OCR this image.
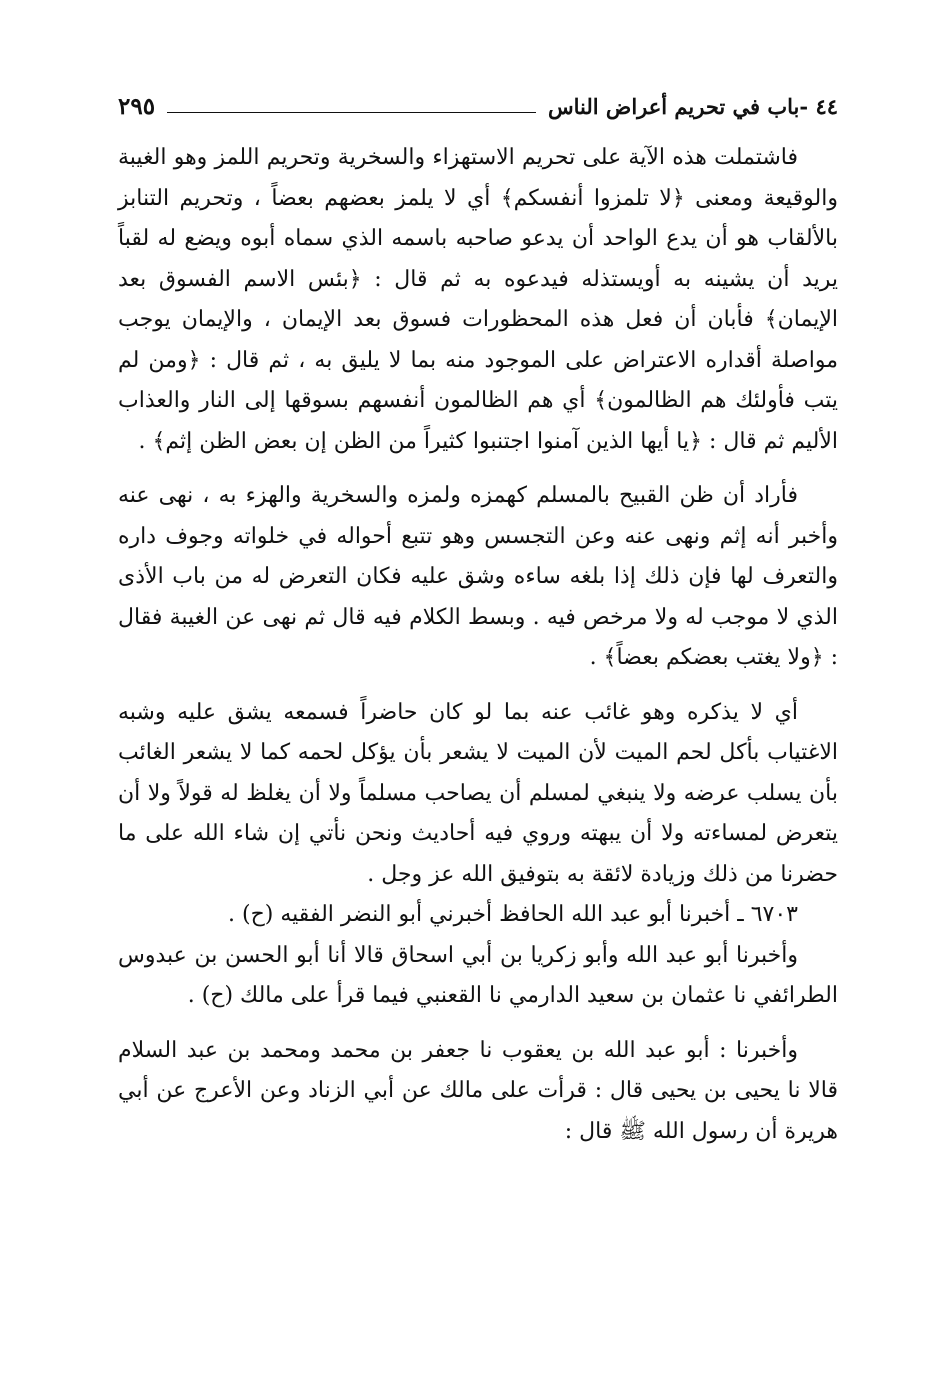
٤٤ -باب في تحريم أعراض الناس
٢٩٥

فاشتملت هذه الآية على تحريم الاستهزاء والسخرية وتحريم اللمز وهو الغيبة والوقيعة ومعنى ﴿لا تلمزوا أنفسكم﴾ أي لا يلمز بعضهم بعضاً ، وتحريم التنابز بالألقاب هو أن يدع الواحد أن يدعو صاحبه باسمه الذي سماه أبوه ويضع له لقباً يريد أن يشينه به أويستذله فيدعوه به ثم قال : ﴿بئس الاسم الفسوق بعد الإيمان﴾ فأبان أن فعل هذه المحظورات فسوق بعد الإيمان ، والإيمان يوجب مواصلة أقداره الاعتراض على الموجود منه بما لا يليق به ، ثم قال : ﴿ومن لم يتب فأولئك هم الظالمون﴾ أي هم الظالمون أنفسهم بسوقها إلى النار والعذاب الأليم ثم قال : ﴿يا أيها الذين آمنوا اجتنبوا كثيراً من الظن إن بعض الظن إثم﴾ .

فأراد أن ظن القبيح بالمسلم كهمزه ولمزه والسخرية والهزء به ، نهى عنه وأخبر أنه إثم ونهى عنه وعن التجسس وهو تتبع أحواله في خلواته وجوف داره والتعرف لها فإن ذلك إذا بلغه ساءه وشق عليه فكان التعرض له من باب الأذى الذي لا موجب له ولا مرخص فيه . وبسط الكلام فيه قال ثم نهى عن الغيبة فقال : ﴿ولا يغتب بعضكم بعضاً﴾ .

أي لا يذكره وهو غائب عنه بما لو كان حاضراً فسمعه يشق عليه وشبه الاغتياب بأكل لحم الميت لأن الميت لا يشعر بأن يؤكل لحمه كما لا يشعر الغائب بأن يسلب عرضه ولا ينبغي لمسلم أن يصاحب مسلماً ولا أن يغلظ له قولاً ولا أن يتعرض لمساءته ولا أن يبهته وروي فيه أحاديث ونحن نأتي إن شاء الله على ما حضرنا من ذلك وزيادة لائقة به بتوفيق الله عز وجل .

٦٧٠٣ ـ أخبرنا أبو عبد الله الحافظ أخبرني أبو النضر الفقيه (ح) .

وأخبرنا أبو عبد الله وأبو زكريا بن أبي اسحاق قالا أنا أبو الحسن بن عبدوس الطرائفي نا عثمان بن سعيد الدارمي نا القعنبي فيما قرأ على مالك (ح) .

وأخبرنا : أبو عبد الله بن يعقوب نا جعفر بن محمد ومحمد بن عبد السلام قالا نا يحيى بن يحيى قال : قرأت على مالك عن أبي الزناد وعن الأعرج عن أبي هريرة أن رسول الله ﷺ قال :
